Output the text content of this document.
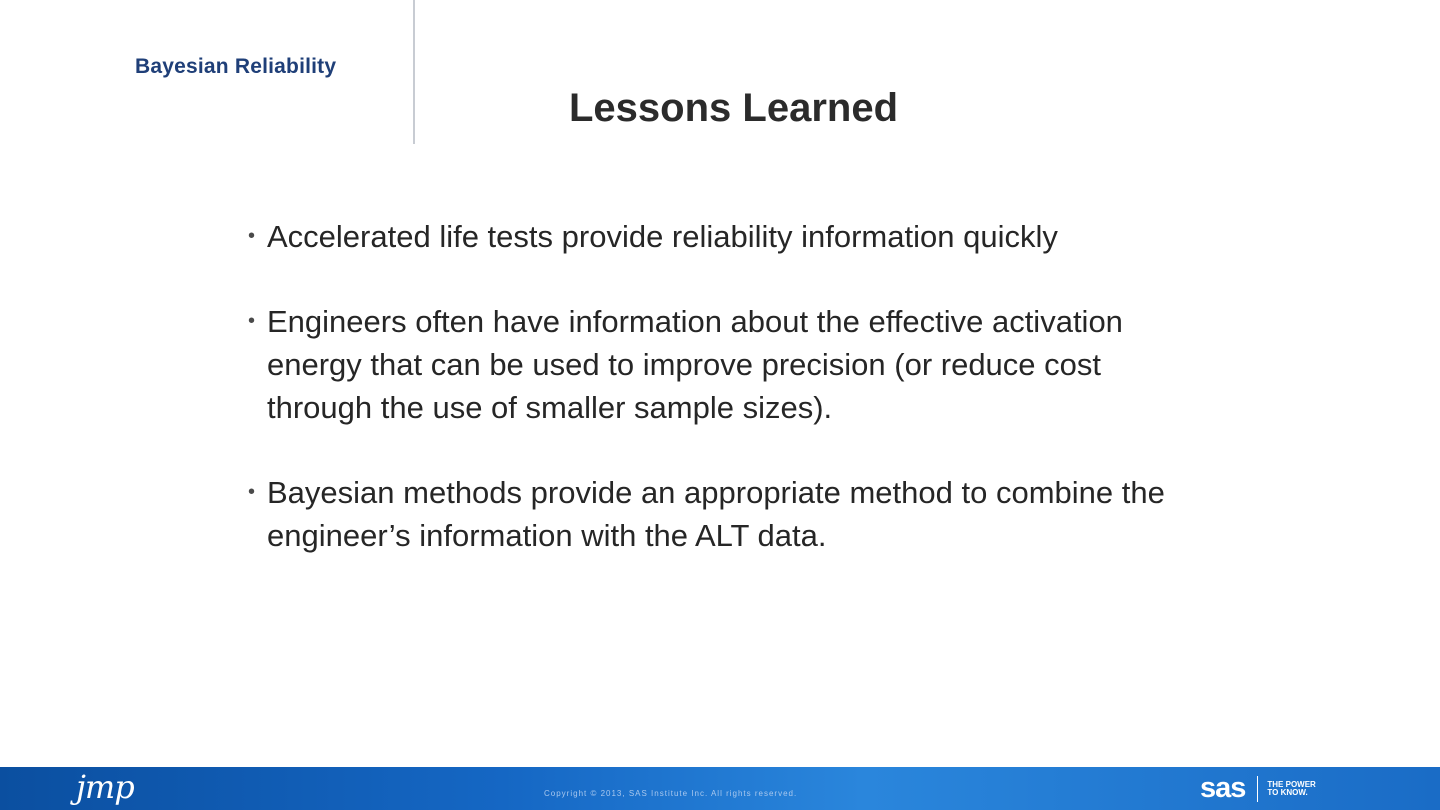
Bayesian Reliability
Lessons Learned
• Accelerated life tests provide reliability information quickly
• Engineers often have information about the effective activation energy that can be used to improve precision (or reduce cost through the use of smaller sample sizes).
• Bayesian methods provide an appropriate method to combine the engineer’s information with the ALT data.
jmp	Copyright © 2013, SAS Institute Inc. All rights reserved.	sas	THE POWER TO KNOW.
